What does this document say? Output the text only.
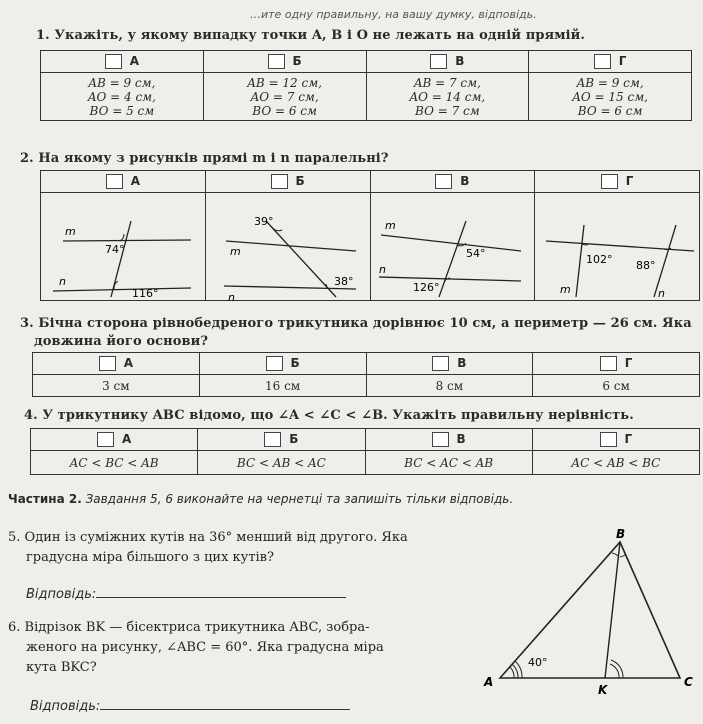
…ите одну правильну, на вашу думку, відповідь.
1. Укажіть, у якому випадку точки A, B і O не лежать на одній прямій.
А	Б	В	Г

AB = 9 см,
AO = 4 см,
BO = 5 см	AB = 12 см,
AO = 7 см,
BO = 6 см	AB = 7 см,
AO = 14 см,
BO = 7 см	AB = 9 см,
AO = 15 см,
BO = 6 см
2. На якому з рисунків прямі m і n паралельні?
А	Б	В	Г

m
n
74°
116°	39°
m
n
38°	m
n
54°
126°	102° 88°
m n
3. Бічна сторона рівнобедреного трикутника дорівнює 10 см, а периметр — 26 см. Яка
довжина його основи?
А	Б	В	Г
3 см	16 см	8 см	6 см
4. У трикутнику ABC відомо, що ∠A < ∠C < ∠B. Укажіть правильну нерівність.
А	Б	В	Г
AC < BC < AB	BC < AB < AC	BC < AC < AB	AC < AB < BC
Частина 2. Завдання 5, 6 виконайте на чернетці та запишіть тільки відповідь.
5. Один із суміжних кутів на 36° менший від другого. Яка
градусна міра більшого з цих кутів?
Відповідь:
6. Відрізок BK — бісектриса трикутника ABC, зобра-
женого на рисунку, ∠ABC = 60°. Яка градусна міра
кута BKC?
Відповідь:
A
B
C
K
40°
